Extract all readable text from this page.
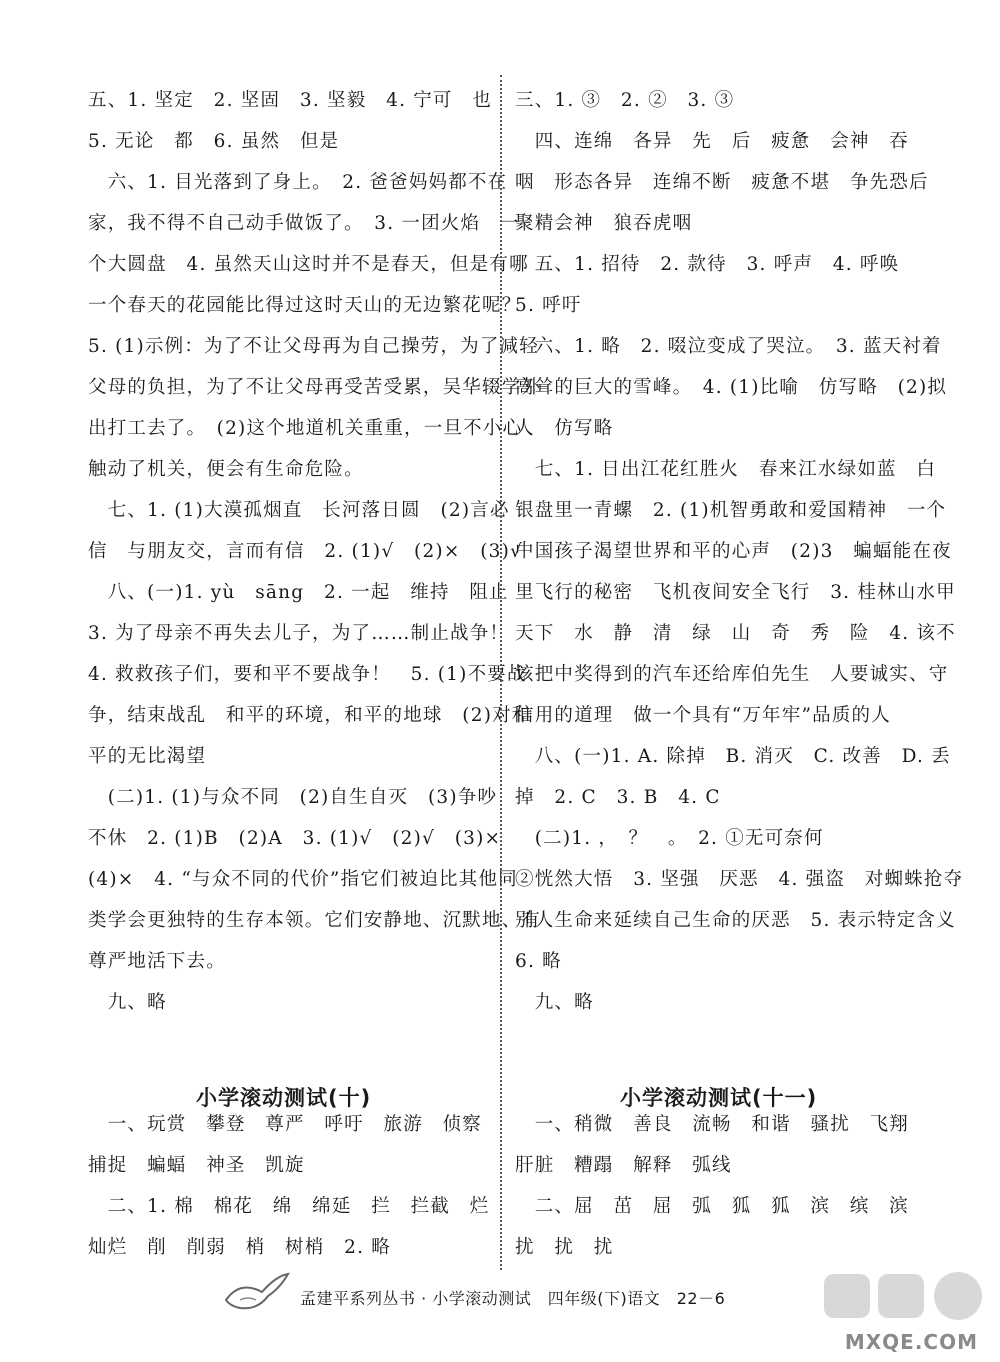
五、1. 坚定　2. 坚固　3. 坚毅　4. 宁可　也
5. 无论　都　6. 虽然　但是
　六、1. 目光落到了身上。　2. 爸爸妈妈都不在
家，我不得不自己动手做饭了。　3. 一团火焰　一
个大圆盘　4. 虽然天山这时并不是春天，但是有哪
一个春天的花园能比得过这时天山的无边繁花呢？
5. (1)示例：为了不让父母再为自己操劳，为了减轻
父母的负担，为了不让父母再受苦受累，吴华辍学外
出打工去了。　(2)这个地道机关重重，一旦不小心
触动了机关，便会有生命危险。
　七、1. (1)大漠孤烟直　长河落日圆　(2)言必
信　与朋友交，言而有信　2. (1)√　(2)×　(3)√
　八、(一)1. yù　sāng　2. 一起　维持　阻止
3. 为了母亲不再失去儿子，为了……制止战争！
4. 救救孩子们，要和平不要战争！　5. (1)不要战
争，结束战乱　和平的环境，和平的地球　(2)对和
平的无比渴望
　(二)1. (1)与众不同　(2)自生自灭　(3)争吵
不休　2. (1)B　(2)A　3. (1)√　(2)√　(3)×
(4)×　4. “与众不同的代价”指它们被迫比其他同
类学会更独特的生存本领。它们安静地、沉默地、有
尊严地活下去。
　九、略
三、1. ③　2. ②　3. ③
　四、连绵　各异　先　后　疲惫　会神　吞
咽　形态各异　连绵不断　疲惫不堪　争先恐后
聚精会神　狼吞虎咽
　五、1. 招待　2. 款待　3. 呼声　4. 呼唤
5. 呼吁
　六、1. 略　2. 啜泣变成了哭泣。　3. 蓝天衬着
高耸的巨大的雪峰。　4. (1)比喻　仿写略　(2)拟
人　仿写略
　七、1. 日出江花红胜火　春来江水绿如蓝　白
银盘里一青螺　2. (1)机智勇敢和爱国精神　一个
中国孩子渴望世界和平的心声　(2)3　蝙蝠能在夜
里飞行的秘密　飞机夜间安全飞行　3. 桂林山水甲
天下　水　静　清　绿　山　奇　秀　险　4. 该不
该把中奖得到的汽车还给库伯先生　人要诚实、守
信用的道理　做一个具有“万年牢”品质的人
　八、(一)1. A. 除掉　B. 消灭　C. 改善　D. 丢
掉　2. C　3. B　4. C
　(二)1. ，　？　。　2. ①无可奈何
②恍然大悟　3. 坚强　厌恶　4. 强盗　对蜘蛛抢夺
别人生命来延续自己生命的厌恶　5. 表示特定含义
6. 略
　九、略
小学滚动测试(十)	小学滚动测试(十一)
　一、玩赏　攀登　尊严　呼吁　旅游　侦察
捕捉　蝙蝠　神圣　凯旋
　二、1. 棉　棉花　绵　绵延　拦　拦截　烂
灿烂　削　削弱　梢　树梢　2. 略
　一、稍微　善良　流畅　和谐　骚扰　飞翔
肝脏　糟蹋　解释　弧线
　二、屈　茁　屈　弧　狐　狐　滨　缤　滨
扰　扰　扰
孟建平系列丛书 · 小学滚动测试　四年级(下)语文　22－6
MXQE.COM
